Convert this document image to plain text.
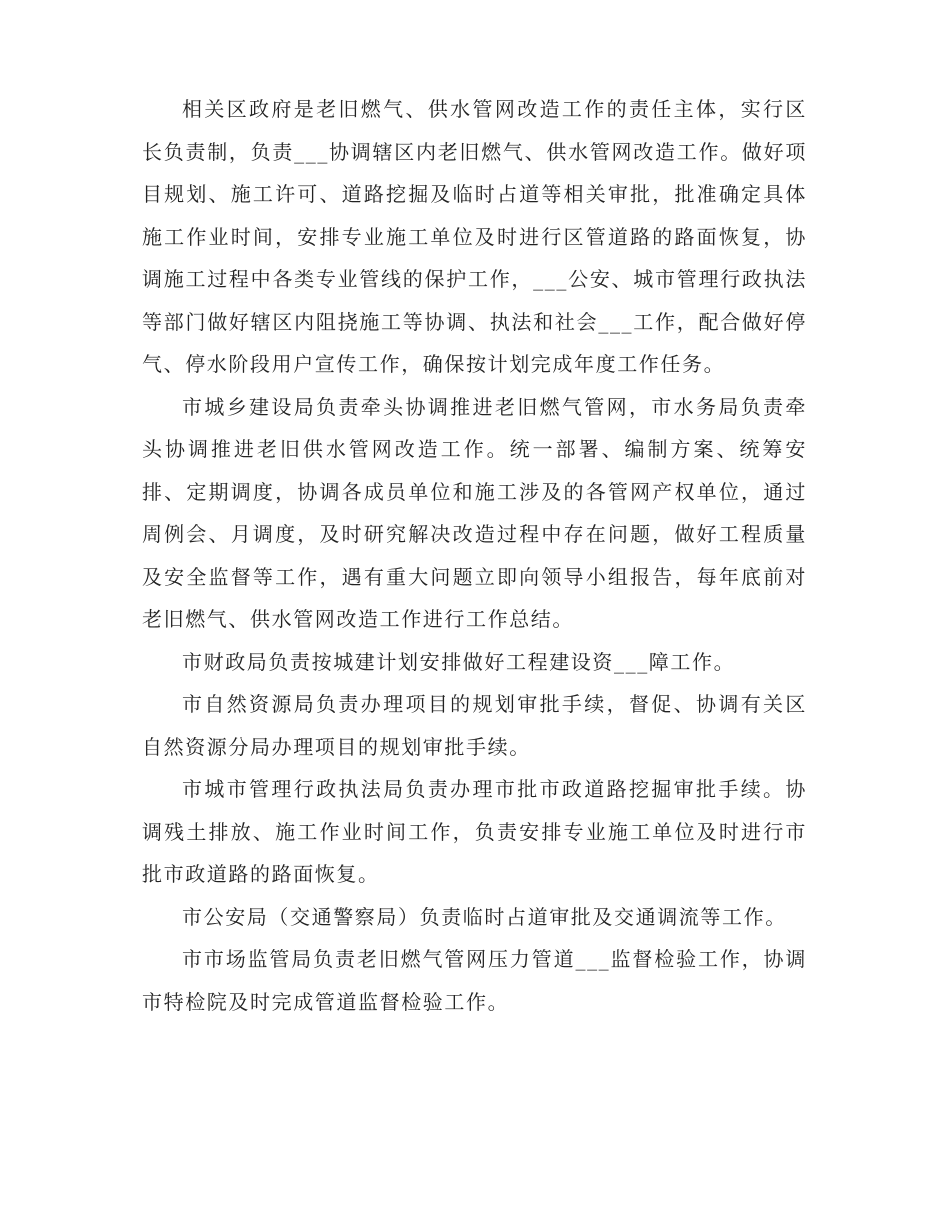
相关区政府是老旧燃气、供水管网改造工作的责任主体，实行区长负责制，负责___协调辖区内老旧燃气、供水管网改造工作。做好项目规划、施工许可、道路挖掘及临时占道等相关审批，批准确定具体施工作业时间，安排专业施工单位及时进行区管道路的路面恢复，协调施工过程中各类专业管线的保护工作，___公安、城市管理行政执法等部门做好辖区内阻挠施工等协调、执法和社会___工作，配合做好停气、停水阶段用户宣传工作，确保按计划完成年度工作任务。

市城乡建设局负责牵头协调推进老旧燃气管网，市水务局负责牵头协调推进老旧供水管网改造工作。统一部署、编制方案、统筹安排、定期调度，协调各成员单位和施工涉及的各管网产权单位，通过周例会、月调度，及时研究解决改造过程中存在问题，做好工程质量及安全监督等工作，遇有重大问题立即向领导小组报告，每年底前对老旧燃气、供水管网改造工作进行工作总结。

市财政局负责按城建计划安排做好工程建设资___障工作。

市自然资源局负责办理项目的规划审批手续，督促、协调有关区自然资源分局办理项目的规划审批手续。

市城市管理行政执法局负责办理市批市政道路挖掘审批手续。协调残土排放、施工作业时间工作，负责安排专业施工单位及时进行市批市政道路的路面恢复。

市公安局（交通警察局）负责临时占道审批及交通调流等工作。

市市场监管局负责老旧燃气管网压力管道___监督检验工作，协调市特检院及时完成管道监督检验工作。
